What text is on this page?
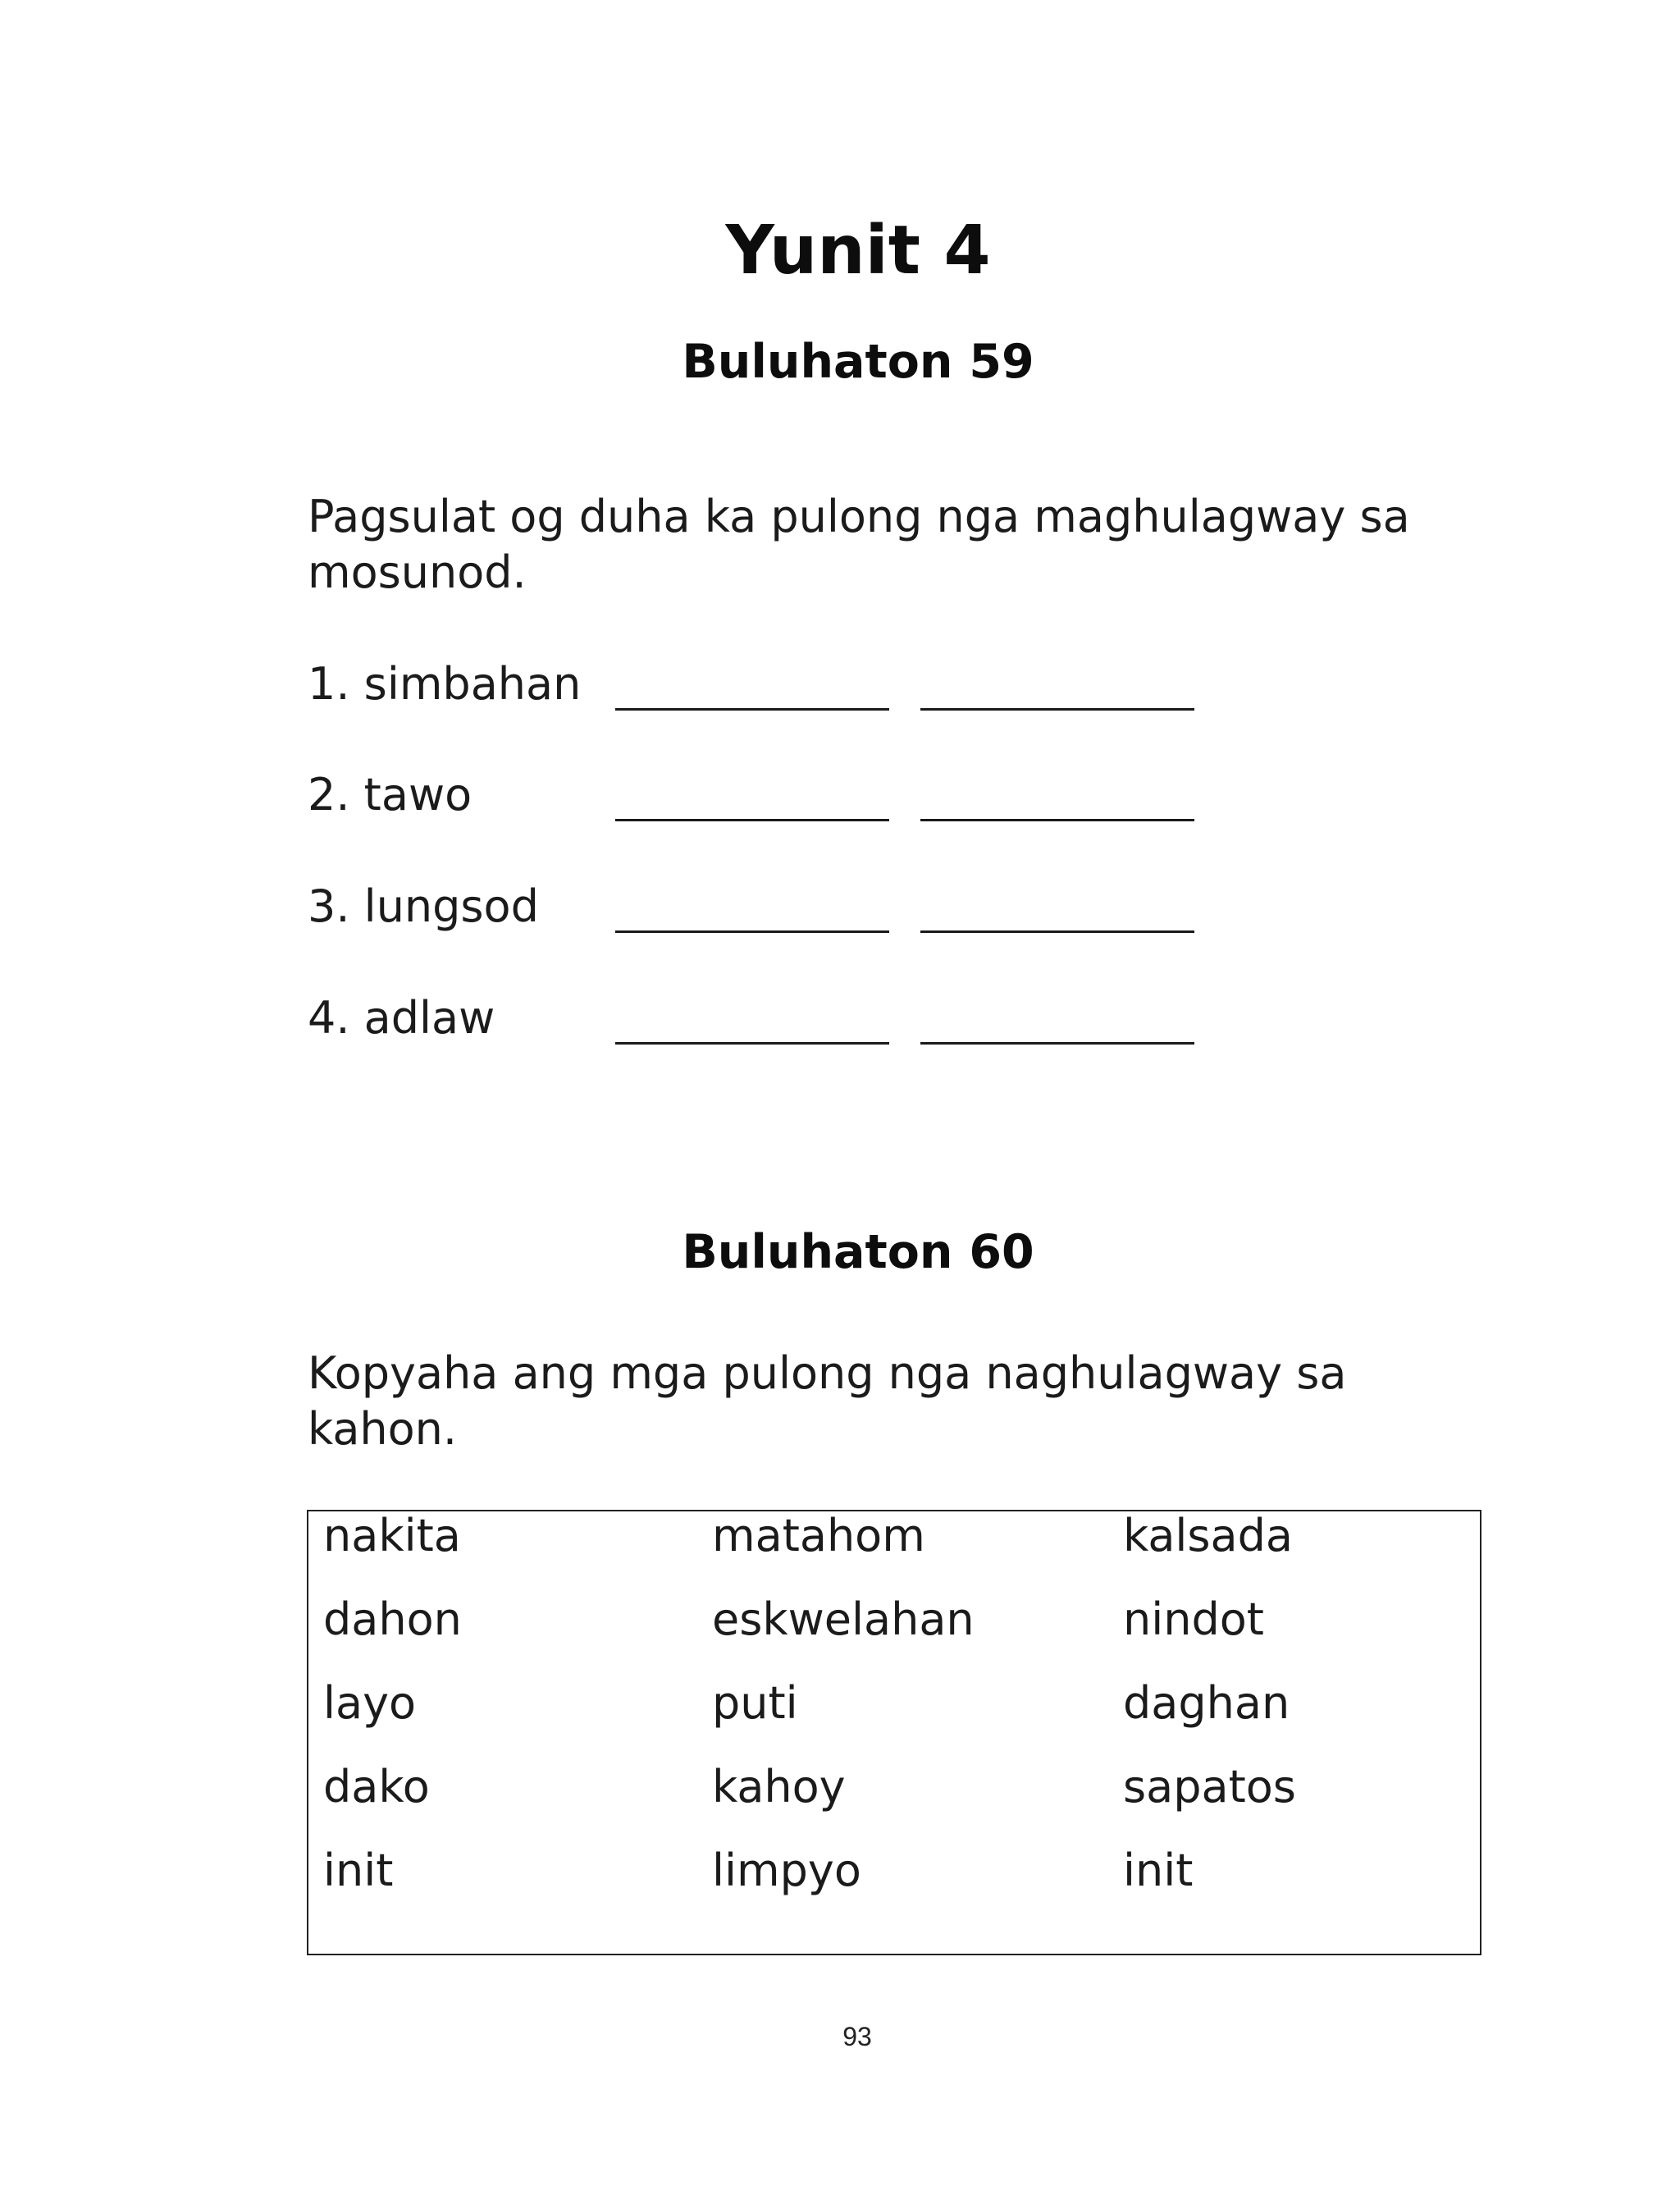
Yunit 4
Buluhaton 59
Pagsulat og duha ka pulong nga maghulagway sa mosunod.
1. simbahan
2. tawo
3. lungsod
4. adlaw
Buluhaton 60
Kopyaha ang mga pulong nga naghulagway sa kahon.
nakita	matahom	kalsada
dahon	eskwelahan	nindot
layo	puti	daghan
dako	kahoy	sapatos
init	limpyo	init
93
